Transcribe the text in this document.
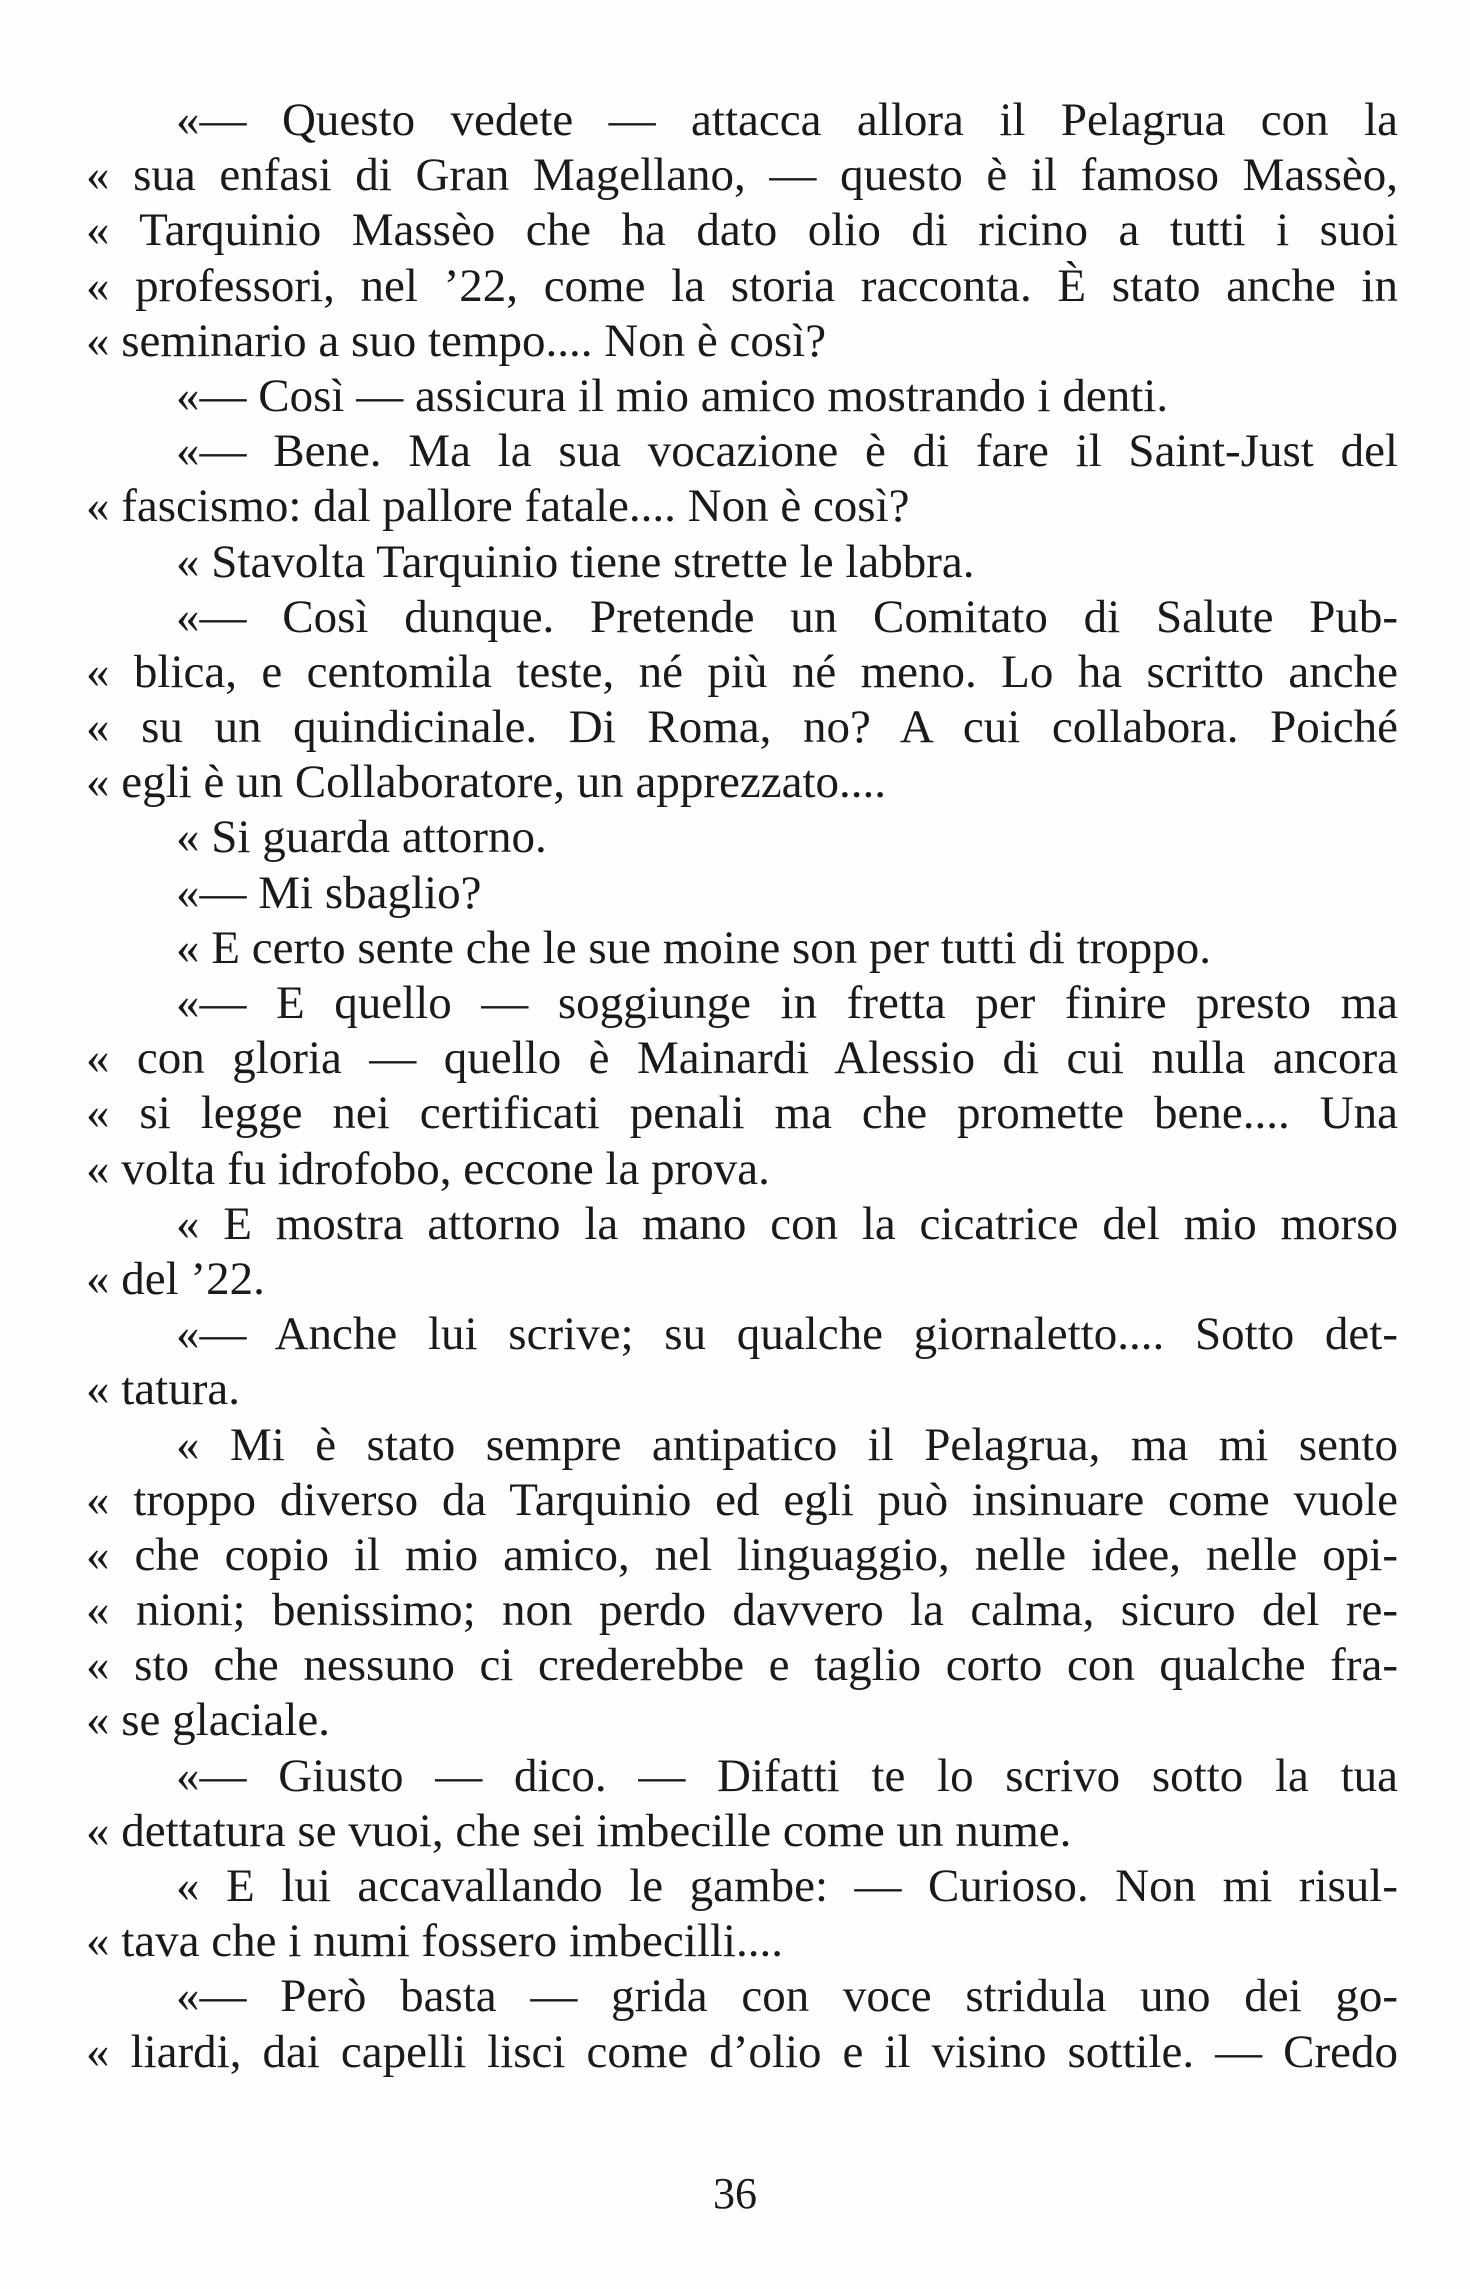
«— Questo vedete — attacca allora il Pelagrua con la
« sua enfasi di Gran Magellano, — questo è il famoso Massèo,
« Tarquinio Massèo che ha dato olio di ricino a tutti i suoi
« professori, nel ’22, come la storia racconta. È stato anche in
« seminario a suo tempo.... Non è così?
«— Così — assicura il mio amico mostrando i denti.
«— Bene. Ma la sua vocazione è di fare il Saint-Just del
« fascismo: dal pallore fatale.... Non è così?
« Stavolta Tarquinio tiene strette le labbra.
«— Così dunque. Pretende un Comitato di Salute Pub-
« blica, e centomila teste, né più né meno. Lo ha scritto anche
« su un quindicinale. Di Roma, no? A cui collabora. Poiché
« egli è un Collaboratore, un apprezzato....
« Si guarda attorno.
«— Mi sbaglio?
« E certo sente che le sue moine son per tutti di troppo.
«— E quello — soggiunge in fretta per finire presto ma
« con gloria — quello è Mainardi Alessio di cui nulla ancora
« si legge nei certificati penali ma che promette bene.... Una
« volta fu idrofobo, eccone la prova.
« E mostra attorno la mano con la cicatrice del mio morso
« del ’22.
«— Anche lui scrive; su qualche giornaletto.... Sotto det-
« tatura.
« Mi è stato sempre antipatico il Pelagrua, ma mi sento
« troppo diverso da Tarquinio ed egli può insinuare come vuole
« che copio il mio amico, nel linguaggio, nelle idee, nelle opi-
« nioni; benissimo; non perdo davvero la calma, sicuro del re-
« sto che nessuno ci crederebbe e taglio corto con qualche fra-
« se glaciale.
«— Giusto — dico. — Difatti te lo scrivo sotto la tua
« dettatura se vuoi, che sei imbecille come un nume.
« E lui accavallando le gambe: — Curioso. Non mi risul-
« tava che i numi fossero imbecilli....
«— Però basta — grida con voce stridula uno dei go-
« liardi, dai capelli lisci come d’olio e il visino sottile. — Credo
36
